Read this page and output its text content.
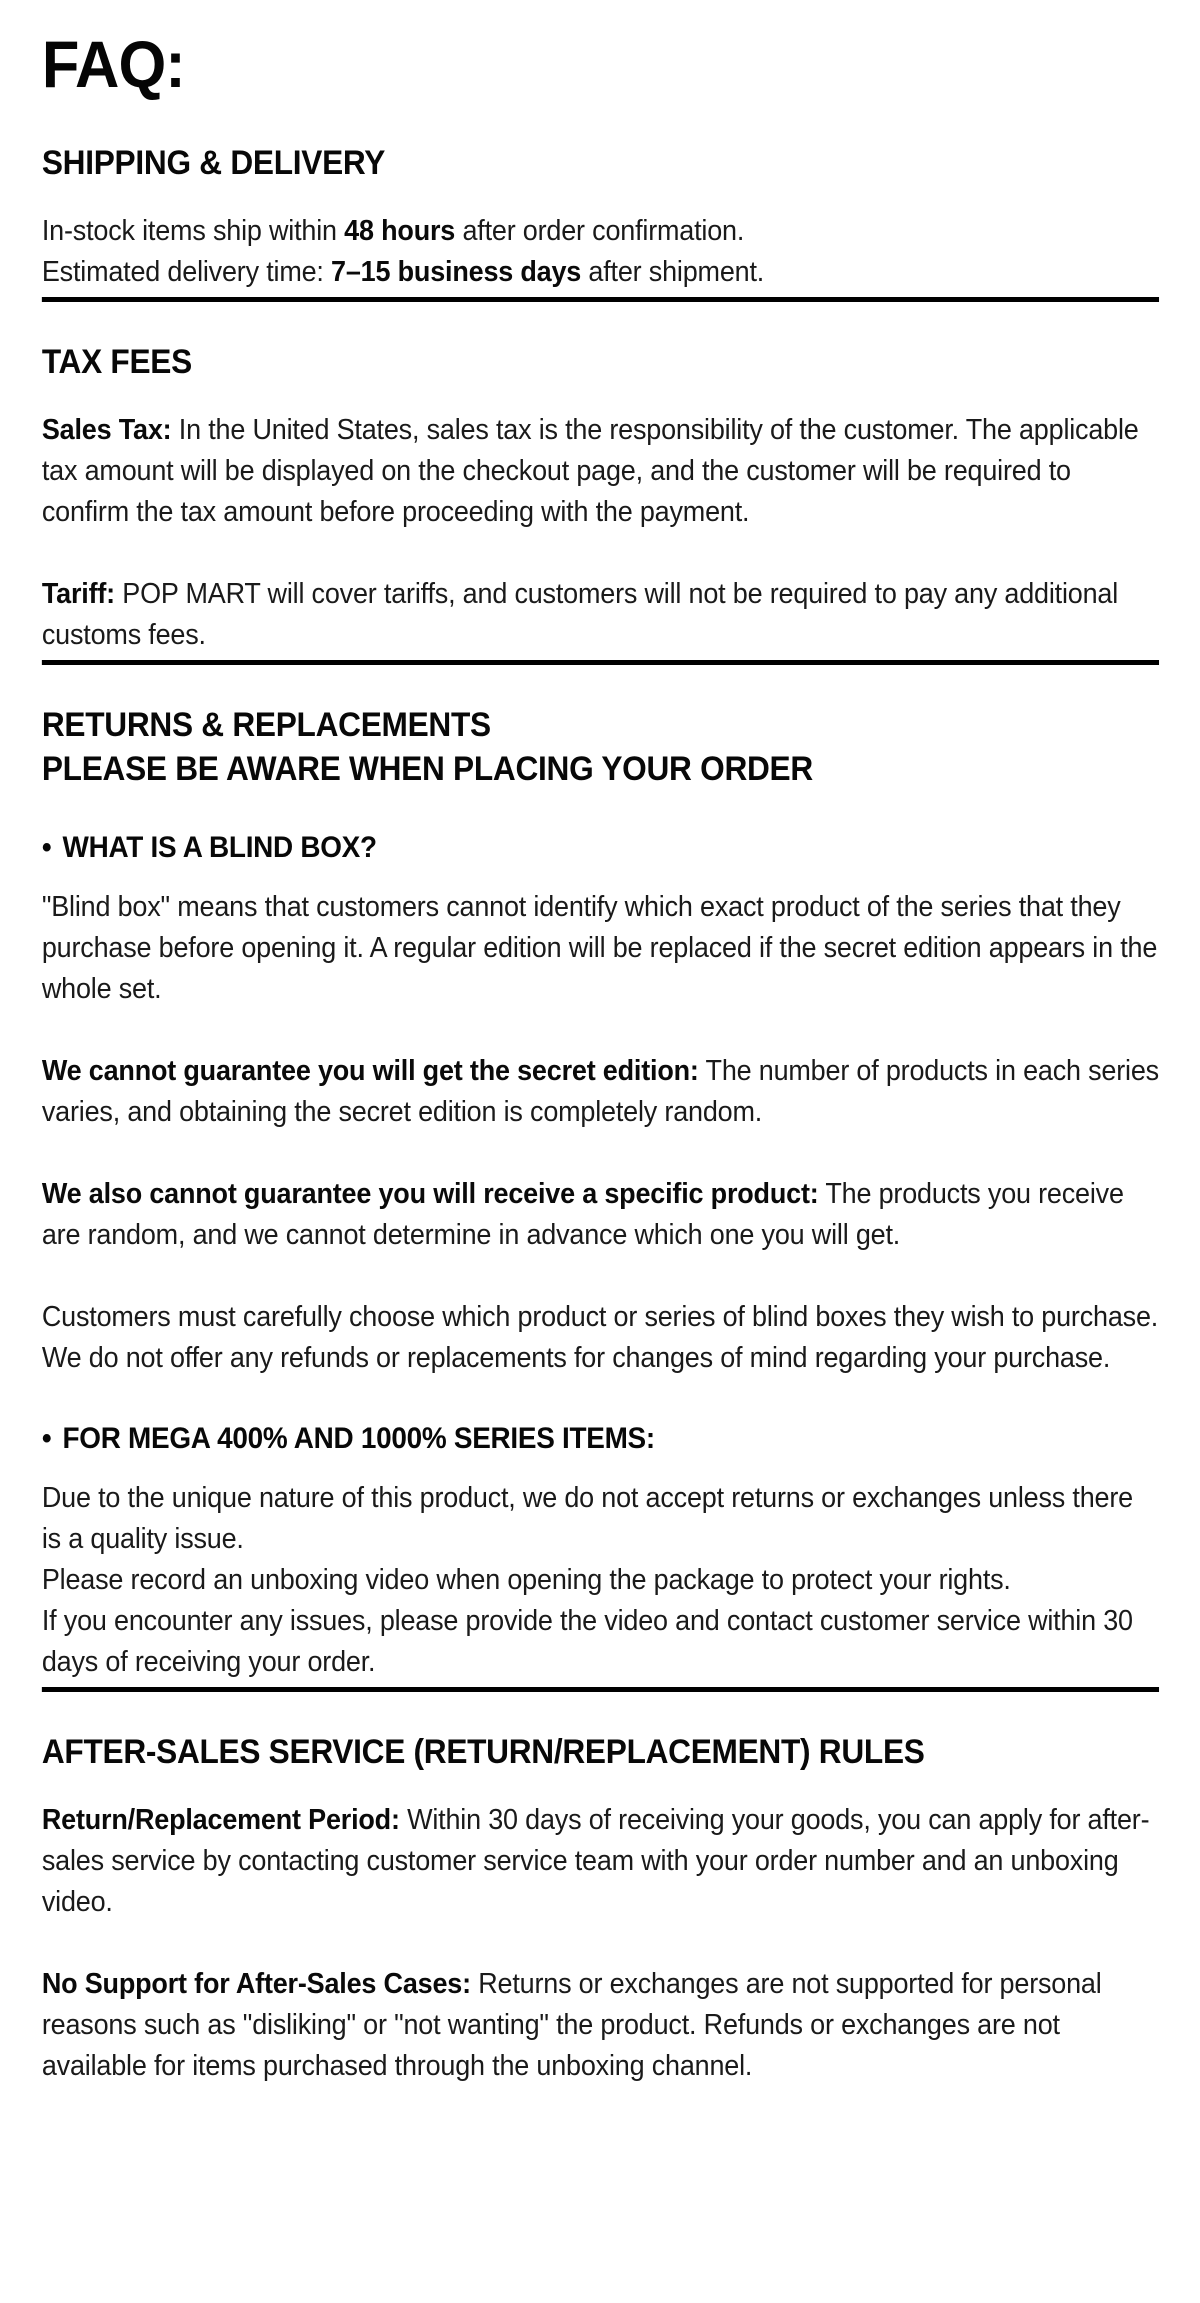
FAQ:
SHIPPING & DELIVERY

In-stock items ship within 48 hours after order confirmation.
Estimated delivery time: 7–15 business days after shipment.

TAX FEES

Sales Tax: In the United States, sales tax is the responsibility of the customer. The applicable tax amount will be displayed on the checkout page, and the customer will be required to confirm the tax amount before proceeding with the payment.

Tariff: POP MART will cover tariffs, and customers will not be required to pay any additional customs fees.

RETURNS & REPLACEMENTS
PLEASE BE AWARE WHEN PLACING YOUR ORDER
• WHAT IS A BLIND BOX?

"Blind box" means that customers cannot identify which exact product of the series that they purchase before opening it. A regular edition will be replaced if the secret edition appears in the whole set.

We cannot guarantee you will get the secret edition: The number of products in each series varies, and obtaining the secret edition is completely random.

We also cannot guarantee you will receive a specific product: The products you receive are random, and we cannot determine in advance which one you will get.

Customers must carefully choose which product or series of blind boxes they wish to purchase. We do not offer any refunds or replacements for changes of mind regarding your purchase.

• FOR MEGA 400% AND 1000% SERIES ITEMS:

Due to the unique nature of this product, we do not accept returns or exchanges unless there is a quality issue.
Please record an unboxing video when opening the package to protect your rights.
If you encounter any issues, please provide the video and contact customer service within 30 days of receiving your order.

AFTER-SALES SERVICE (RETURN/REPLACEMENT) RULES

Return/Replacement Period: Within 30 days of receiving your goods, you can apply for after-sales service by contacting customer service team with your order number and an unboxing video.

No Support for After-Sales Cases: Returns or exchanges are not supported for personal reasons such as "disliking" or "not wanting" the product. Refunds or exchanges are not available for items purchased through the unboxing channel.
